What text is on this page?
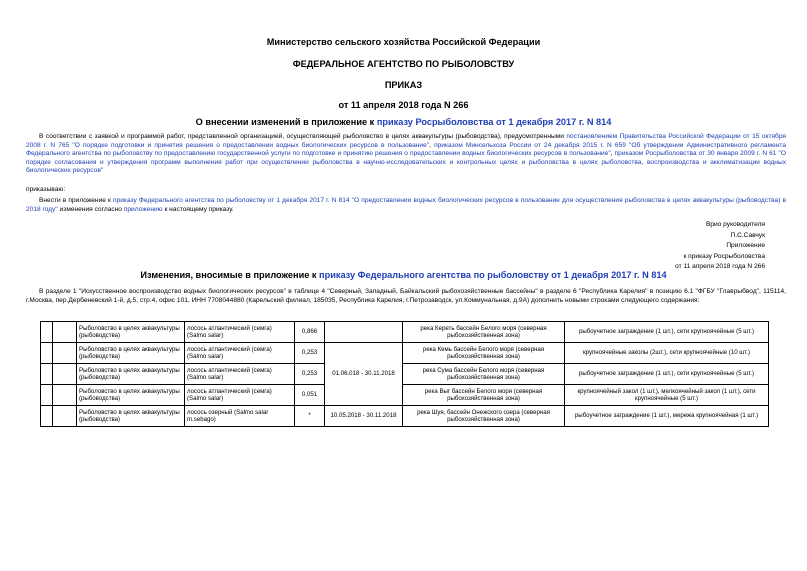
Министерство сельского хозяйства Российской Федерации
ФЕДЕРАЛЬНОЕ АГЕНТСТВО ПО РЫБОЛОВСТВУ
ПРИКАЗ
от 11 апреля 2018 года N 266
О внесении изменений в приложение к приказу Росрыболовства от 1 декабря 2017 г. N 814
В соответствии с заявкой и программой работ, представленной организацией, осуществляющей рыболовство в целях аквакультуры (рыбоводства), предусмотренными постановлением Правительства Российской Федерации от 15 октября 2008 г. N 765 "О порядке подготовки и принятия решения о предоставлении водных биологических ресурсов в пользование", приказом Минсельхоза России от 24 декабря 2015 г. N 659 "Об утверждении Административного регламента Федерального агентства по рыболовству по предоставлению государственной услуги по подготовке и принятию решения о предоставлении водных биологических ресурсов в пользование", приказом Росрыболовства от 30 января 2009 г. N 61 "О порядке согласования и утверждения программ выполнения работ при осуществлении рыболовства в научно-исследовательских и контрольных целях и рыболовства в целях рыболовства, воспроизводства и акклиматизации водных биологических ресурсов"
приказываю:
Внести в приложение к приказу Федерального агентства по рыболовству от 1 декабря 2017 г. N 814 "О предоставлении водных биологических ресурсов в пользование для осуществления рыболовства в целях аквакультуры (рыбоводства) в 2018 году" изменения согласно приложению к настоящему приказу.
Врио руководителя
П.С.Савчук
Приложение
к приказу Росрыболовства
от 11 апреля 2018 года N 266
Изменения, вносимые в приложение к приказу Федерального агентства по рыболовству от 1 декабря 2017 г. N 814
В разделе 1 "Искусственное воспроизводство водных биологических ресурсов" в таблице 4 "Северный, Западный, Байкальский рыбохозяйственные бассейны" в разделе 6 "Республика Карелия" в позицию 6.1 "ФГБУ "Главрыбвод", 115114, г.Москва, пер.Дербеневский 1-й, д.5, стр.4, офис 101, ИНН 7708044880 (Карельский филиал, 185035, Республика Карелия, г.Петрозаводск, ул.Коммунальная, д.9А) дополнить новыми строками следующего содержания:
		Рыболовство в целях аквакультуры (рыбоводства)	лосось атлантический (семга) (Salmo salar)	0,866		река Кереть бассейн Белого моря (северная рыбохозяйственная зона)	рыбоучетное заграждение (1 шт.), сети крупноячейные (5 шт.)
		Рыболовство в целях аквакультуры (рыбоводства)	лосось атлантический (семга) (Salmo salar)	0,253	01.06.018 - 30.11.2018	река Кемь бассейн Белого моря (северная рыбохозяйственная зона)	крупноячейные заколы (2шт.), сети крупноячейные (10 шт.)
		Рыболовство в целях аквакультуры (рыбоводства)	лосось атлантический (семга) (Salmo salar)	0,253		река Сума бассейн Белого моря (северная рыбохозяйственная зона)	рыбоучетное заграждение (1 шт.), сети крупноячейные (5 шт.)
		Рыболовство в целях аквакультуры (рыбоводства)	лосось атлантический (семга) (Salmo salar)	0,051		река Выг бассейн Белого моря (северная рыбохозяйственная зона)	крупноячейный закол (1 шт.), мелкоячейный закол (1 шт.), сети крупноячейные (5 шт.)
		Рыболовство в целях аквакультуры (рыбоводства)	лосось озерный (Salmo salar m.sebago)	*	10.05.2018 - 30.11.2018	река Шуя, бассейн Онежского озера (северная рыбохозяйственная зона)	рыбоучетное заграждение (1 шт.), мережа крупноячейная (1 шт.)
